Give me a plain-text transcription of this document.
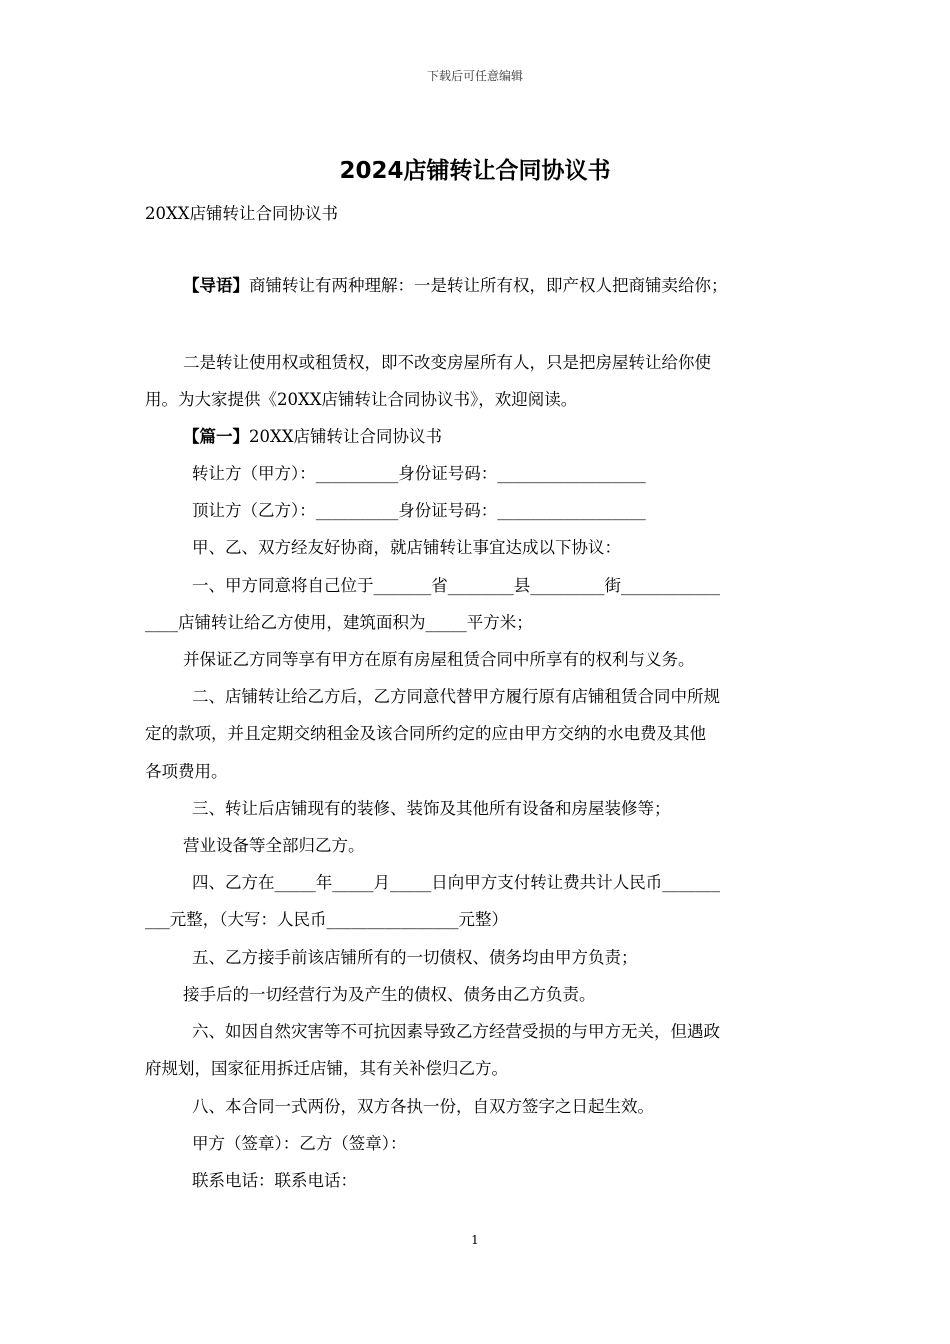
下载后可任意编辑
2024店铺转让合同协议书
20XX店铺转让合同协议书
【导语】商铺转让有两种理解：一是转让所有权，即产权人把商铺卖给你；
二是转让使用权或租赁权，即不改变房屋所有人，只是把房屋转让给你使
用。为大家提供《20XX店铺转让合同协议书》，欢迎阅读。
【篇一】20XX店铺转让合同协议书
转让方（甲方）：__________身份证号码：__________________
顶让方（乙方）：__________身份证号码：__________________
甲、乙、双方经友好协商，就店铺转让事宜达成以下协议：
一、甲方同意将自己位于_______省________县_________街____________
____店铺转让给乙方使用，建筑面积为_____平方米；
并保证乙方同等享有甲方在原有房屋租赁合同中所享有的权利与义务。
二、店铺转让给乙方后，乙方同意代替甲方履行原有店铺租赁合同中所规
定的款项，并且定期交纳租金及该合同所约定的应由甲方交纳的水电费及其他
各项费用。
三、转让后店铺现有的装修、装饰及其他所有设备和房屋装修等；
营业设备等全部归乙方。
四、乙方在_____年_____月_____日向甲方支付转让费共计人民币_______
___元整，（大写：人民币________________元整）
五、乙方接手前该店铺所有的一切债权、债务均由甲方负责；
接手后的一切经营行为及产生的债权、债务由乙方负责。
六、如因自然灾害等不可抗因素导致乙方经营受损的与甲方无关，但遇政
府规划，国家征用拆迁店铺，其有关补偿归乙方。
八、本合同一式两份，双方各执一份，自双方签字之日起生效。
甲方（签章）：乙方（签章）：
联系电话：联系电话：
1
